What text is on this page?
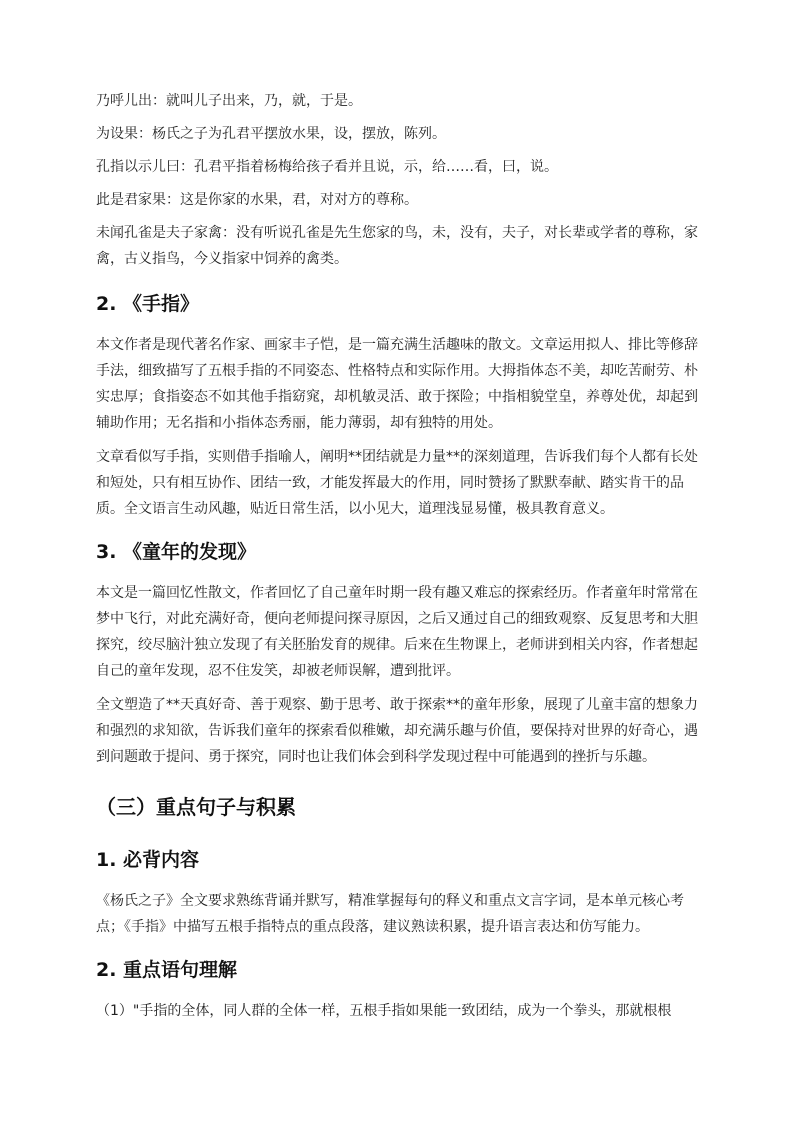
乃呼儿出：就叫儿子出来，乃，就，于是。

为设果：杨氏之子为孔君平摆放水果，设，摆放，陈列。

孔指以示儿曰：孔君平指着杨梅给孩子看并且说，示，给……看，曰，说。

此是君家果：这是你家的水果，君，对对方的尊称。

未闻孔雀是夫子家禽：没有听说孔雀是先生您家的鸟，未，没有，夫子，对长辈或学者的尊称，家禽，古义指鸟，今义指家中饲养的禽类。

2. 《手指》

本文作者是现代著名作家、画家丰子恺，是一篇充满生活趣味的散文。文章运用拟人、排比等修辞手法，细致描写了五根手指的不同姿态、性格特点和实际作用。大拇指体态不美，却吃苦耐劳、朴实忠厚；食指姿态不如其他手指窈窕，却机敏灵活、敢于探险；中指相貌堂皇，养尊处优，却起到辅助作用；无名指和小指体态秀丽，能力薄弱，却有独特的用处。

文章看似写手指，实则借手指喻人，阐明**团结就是力量**的深刻道理，告诉我们每个人都有长处和短处，只有相互协作、团结一致，才能发挥最大的作用，同时赞扬了默默奉献、踏实肯干的品质。全文语言生动风趣，贴近日常生活，以小见大，道理浅显易懂，极具教育意义。

3. 《童年的发现》

本文是一篇回忆性散文，作者回忆了自己童年时期一段有趣又难忘的探索经历。作者童年时常常在梦中飞行，对此充满好奇，便向老师提问探寻原因，之后又通过自己的细致观察、反复思考和大胆探究，绞尽脑汁独立发现了有关胚胎发育的规律。后来在生物课上，老师讲到相关内容，作者想起自己的童年发现，忍不住发笑，却被老师误解，遭到批评。

全文塑造了**天真好奇、善于观察、勤于思考、敢于探索**的童年形象，展现了儿童丰富的想象力和强烈的求知欲，告诉我们童年的探索看似稚嫩，却充满乐趣与价值，要保持对世界的好奇心，遇到问题敢于提问、勇于探究，同时也让我们体会到科学发现过程中可能遇到的挫折与乐趣。

（三）重点句子与积累
1. 必背内容

《杨氏之子》全文要求熟练背诵并默写，精准掌握每句的释义和重点文言字词，是本单元核心考点；《手指》中描写五根手指特点的重点段落，建议熟读积累，提升语言表达和仿写能力。

2. 重点语句理解

（1）"手指的全体，同人群的全体一样，五根手指如果能一致团结，成为一个拳头，那就根根
